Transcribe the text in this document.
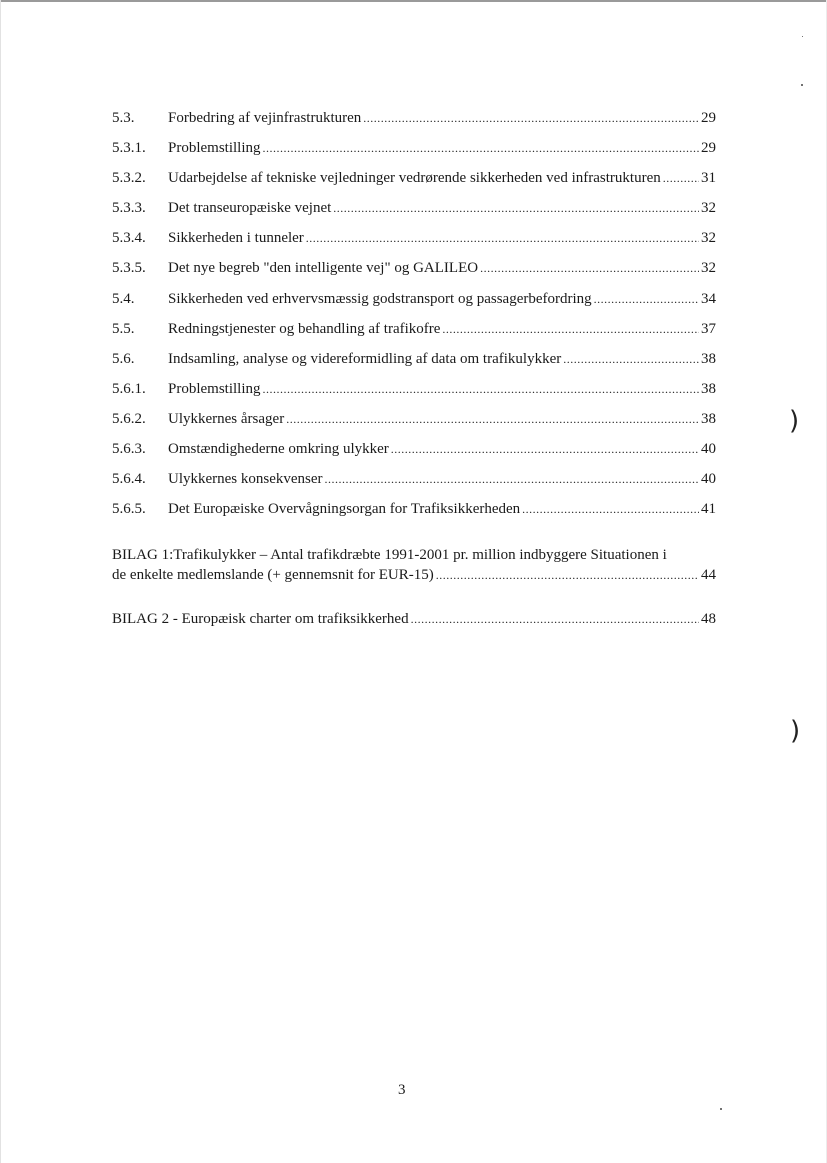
5.3. Forbedring af vejinfrastrukturen .....	29
5.3.1. Problemstilling .....	29
5.3.2. Udarbejdelse af tekniske vejledninger vedrørende sikkerheden ved infrastrukturen .....	31
5.3.3. Det transeuropæiske vejnet .....	32
5.3.4. Sikkerheden i tunneler .....	32
5.3.5. Det nye begreb "den intelligente vej" og GALILEO .....	32
5.4. Sikkerheden ved erhvervsmæssig godstransport og passagerbefordring .....	34
5.5. Redningstjenester og behandling af trafikofre .....	37
5.6. Indsamling, analyse og videreformidling af data om trafikulykker .....	38
5.6.1. Problemstilling .....	38
5.6.2. Ulykkernes årsager .....	38
5.6.3. Omstændighederne omkring ulykker .....	40
5.6.4. Ulykkernes konsekvenser .....	40
5.6.5. Det Europæiske Overvågningsorgan for Trafiksikkerheden .....	41
BILAG 1:Trafikulykker – Antal trafikdræbte 1991-2001 pr. million indbyggere Situationen i
de enkelte medlemslande (+ gennemsnit for EUR-15) .....	44
BILAG 2 - Europæisk charter om trafiksikkerhed .....	48
3
)
)
